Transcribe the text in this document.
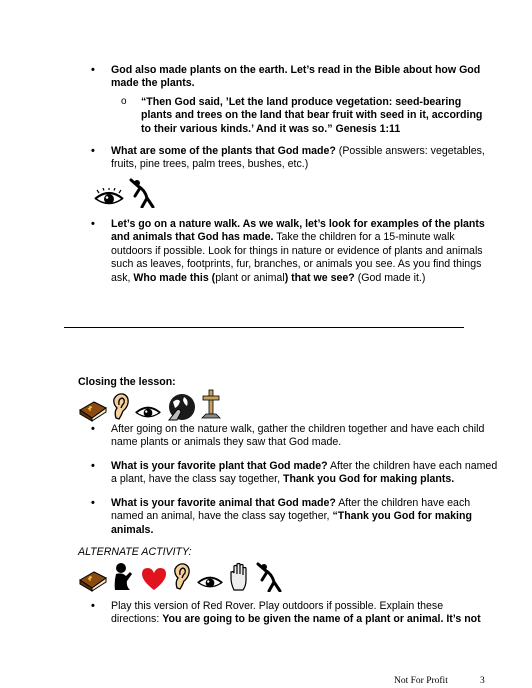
• God also made plants on the earth. Let’s read in the Bible about how God
made the plants.
o “Then God said, ’Let the land produce vegetation: seed-bearing
plants and trees on the land that bear fruit with seed in it, according
to their various kinds.’ And it was so.” Genesis 1:11
• What are some of the plants that God made? (Possible answers: vegetables,
fruits, pine trees, palm trees, bushes, etc.)
• Let’s go on a nature walk. As we walk, let’s look for examples of the plants
and animals that God has made. Take the children for a 15-minute walk
outdoors if possible. Look for things in nature or evidence of plants and animals
such as leaves, footprints, fur, branches, or animals you see. As you find things
ask, Who made this (plant or animal) that we see? (God made it.)
Closing the lesson:
• After going on the nature walk, gather the children together and have each child
name plants or animals they saw that God made.
• What is your favorite plant that God made? After the children have each named
a plant, have the class say together, Thank you God for making plants.
• What is your favorite animal that God made? After the children have each
named an animal, have the class say together, “Thank you God for making
animals.
ALTERNATE ACTIVITY:
• Play this version of Red Rover. Play outdoors if possible. Explain these
directions: You are going to be given the name of a plant or animal. It’s not
Not For Profit	3
